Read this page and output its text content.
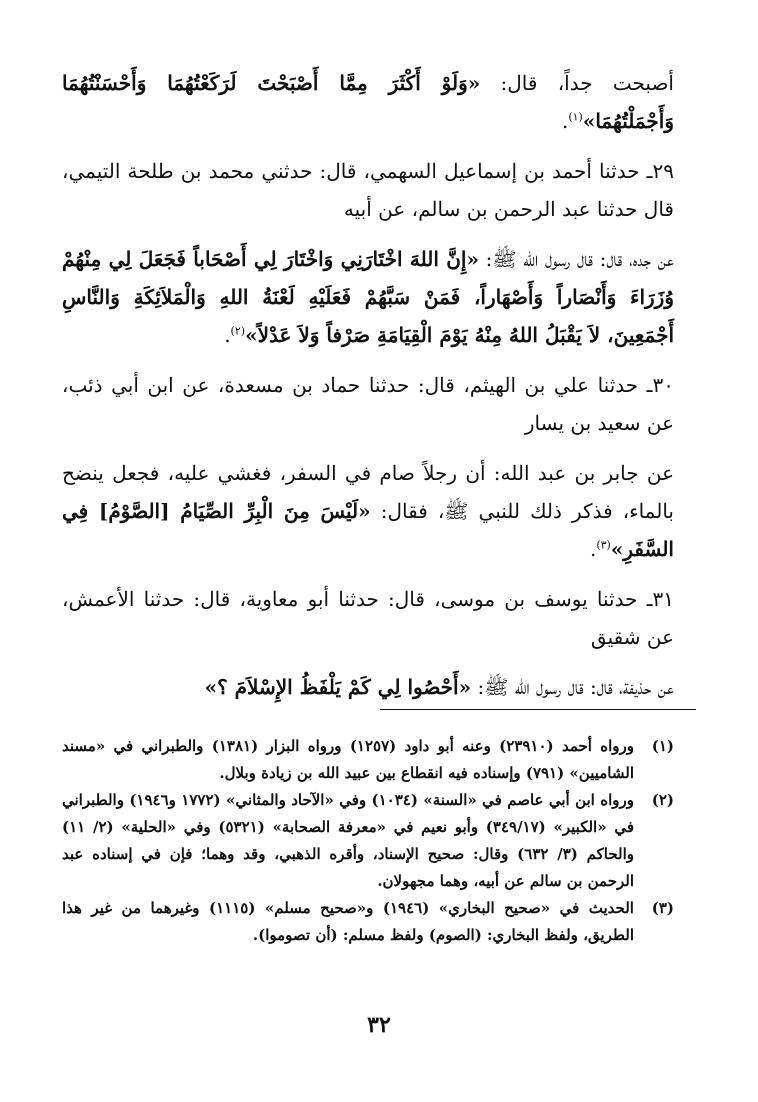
أصبحت جداً، قال: «وَلَوْ أَكْثَرَ مِمَّا أَصْبَحْتَ لَرَكَعْتُهُمَا وَأَحْسَنْتُهُمَا وَأَجْمَلْتُهُمَا»$^{(١)}$.

٢٩ـ حدثنا أحمد بن إسماعيل السهمي، قال: حدثني محمد بن طلحة التيمي، قال حدثنا عبد الرحمن بن سالم، عن أبيه

عن جده، قال: قال رسول الله ﷺ: «إِنَّ اللهَ اخْتَارَنِي وَاخْتَارَ لِي أَصْحَاباً فَجَعَلَ لِي مِنْهُمْ وُزَرَاءَ وَأَنْصَاراً وَأَصْهَاراً، فَمَنْ سَبَّهُمْ فَعَلَيْهِ لَعْنَةُ اللهِ وَالْمَلاَئِكَةِ وَالنَّاسِ أَجْمَعِينَ، لاَ يَقْبَلُ اللهُ مِنْهُ يَوْمَ الْقِيَامَةِ صَرْفاً وَلاَ عَدْلاً»$^{(٢)}$.

٣٠ـ حدثنا علي بن الهيثم، قال: حدثنا حماد بن مسعدة، عن ابن أبي ذئب، عن سعيد بن يسار

عن جابر بن عبد الله: أن رجلاً صام في السفر، فغشي عليه، فجعل ينضح بالماء، فذكر ذلك للنبي ﷺ، فقال: «لَيْسَ مِنَ الْبِرِّ الصِّيَامُ [الصَّوْمُ] فِي السَّفَرِ»$^{(٣)}$.

٣١ـ حدثنا يوسف بن موسى، قال: حدثنا أبو معاوية، قال: حدثنا الأعمش، عن شقيق

عن حذيفة، قال: قال رسول الله ﷺ: «أَحْصُوا لِي كَمْ يَلْفَظُ الإِسْلاَمَ ؟»

(١)
ورواه أحمد (٢٣٩١٠) وعنه أبو داود (١٢٥٧) ورواه البزار (١٣٨١) والطبراني في «مسند الشاميين» (٧٩١) وإسناده فيه انقطاع بين عبيد الله بن زيادة وبلال.
(٢)
ورواه ابن أبي عاصم في «السنة» (١٠٣٤) وفي «الآحاد والمثاني» (١٧٧٢ و١٩٤٦) والطبراني في «الكبير» (٣٤٩/١٧) وأبو نعيم في «معرفة الصحابة» (٥٣٢١) وفي «الحلية» (٢/ ١١) والحاكم (٣/ ٦٣٢) وقال: صحيح الإسناد، وأقره الذهبي، وقد وهما؛ فإن في إسناده عبد الرحمن بن سالم عن أبيه، وهما مجهولان.
(٣)
الحديث في «صحيح البخاري» (١٩٤٦) و«صحيح مسلم» (١١١٥) وغيرهما من غير هذا الطريق، ولفظ البخاري: (الصوم) ولفظ مسلم: (أن تصوموا).
٣٢
